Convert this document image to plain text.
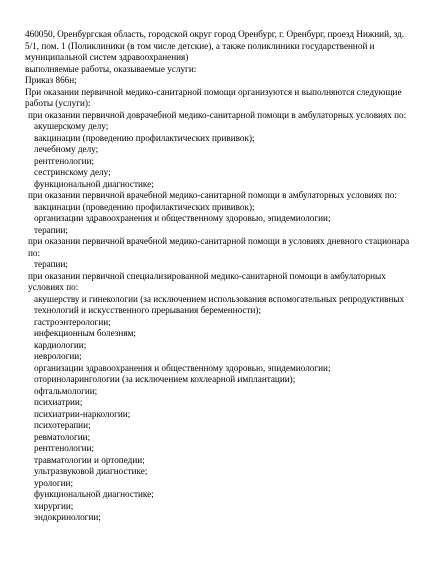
460050, Оренбургская область, городской округ город Оренбург, г. Оренбург, проезд Нижний, зд. 5/1, пом. 1 (Поликлиники (в том числе детские), а также поликлиники государственной и муниципальной систем здравоохранения)

выполняемые работы, оказываемые услуги:

Приказ 866н;

При оказании первичной медико-санитарной помощи организуются и выполняются следующие работы (услуги):

при оказании первичной доврачебной медико-санитарной помощи в амбулаторных условиях по:

акушерскому делу;

вакцинации (проведению профилактических прививок);

лечебному делу;

рентгенологии;

сестринскому делу;

функциональной диагностике;

при оказании первичной врачебной медико-санитарной помощи в амбулаторных условиях по:

вакцинации (проведению профилактических прививок);

организации здравоохранения и общественному здоровью, эпидемиологии;

терапии;

при оказании первичной врачебной медико-санитарной помощи в условиях дневного стационара по:

терапии;

при оказании первичной специализированной медико-санитарной помощи в амбулаторных условиях по:

акушерству и гинекологии (за исключением использования вспомогательных репродуктивных технологий и искусственного прерывания беременности);

гастроэнтерологии;

инфекционным болезням;

кардиологии;

неврологии;

организации здравоохранения и общественному здоровью, эпидемиологии;

оториноларингологии (за исключением кохлеарной имплантации);

офтальмологии;

психиатрии;

психиатрии-наркологии;

психотерапии;

ревматологии;

рентгенологии;

травматологии и ортопедии;

ультразвуковой диагностике;

урологии;

функциональной диагностике;

хирургии;

эндокринологии;
